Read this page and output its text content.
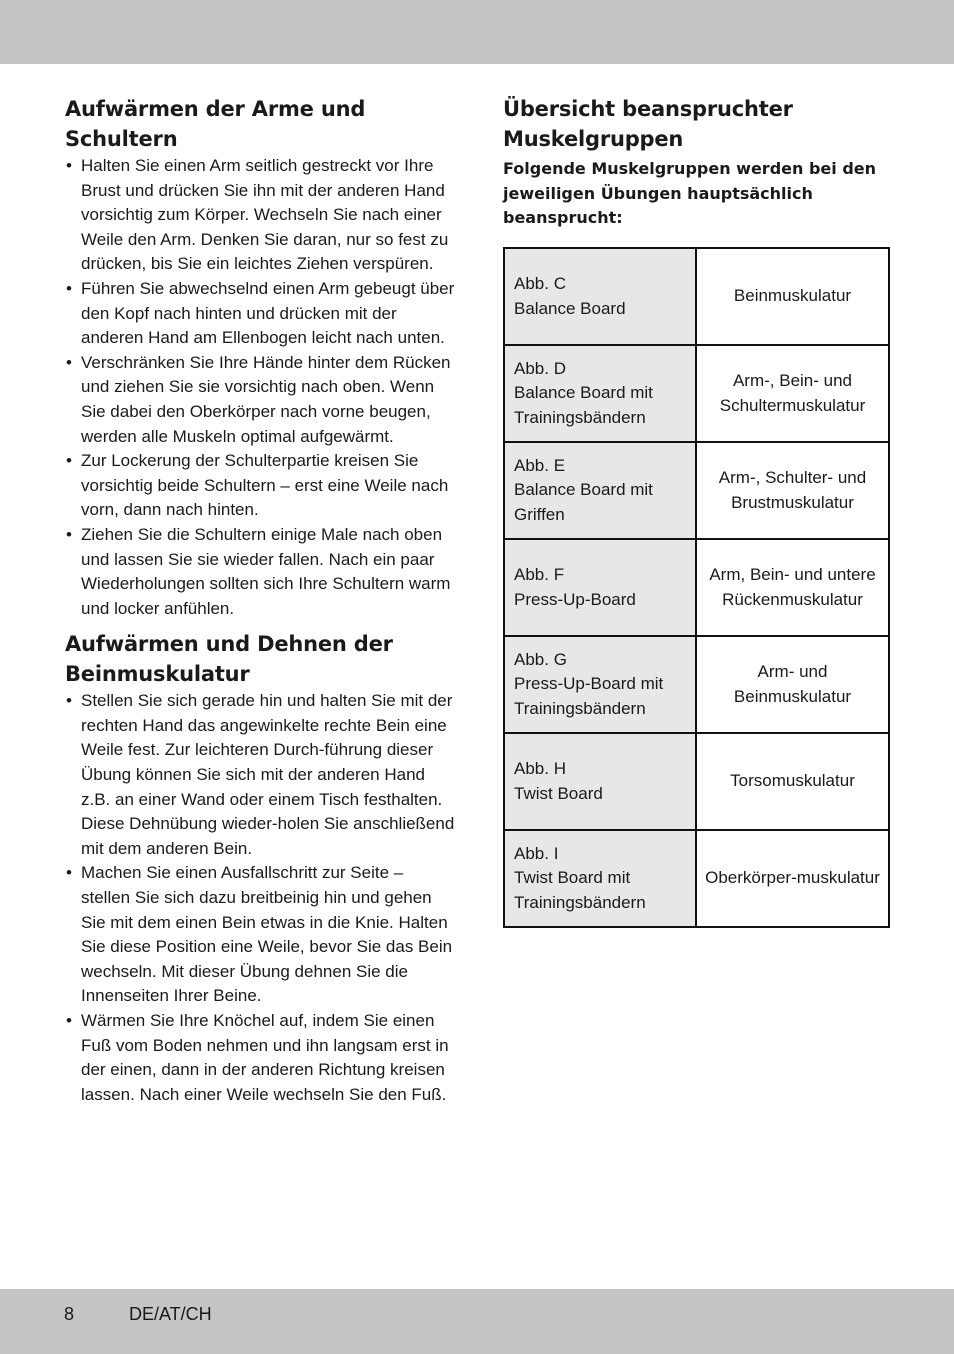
Aufwärmen der Arme und Schultern
• Halten Sie einen Arm seitlich gestreckt vor Ihre Brust und drücken Sie ihn mit der anderen Hand vorsichtig zum Körper. Wechseln Sie nach einer Weile den Arm. Denken Sie daran, nur so fest zu drücken, bis Sie ein leichtes Ziehen verspüren.
• Führen Sie abwechselnd einen Arm gebeugt über den Kopf nach hinten und drücken mit der anderen Hand am Ellenbogen leicht nach unten.
• Verschränken Sie Ihre Hände hinter dem Rücken und ziehen Sie sie vorsichtig nach oben. Wenn Sie dabei den Oberkörper nach vorne beugen, werden alle Muskeln optimal aufgewärmt.
• Zur Lockerung der Schulterpartie kreisen Sie vorsichtig beide Schultern – erst eine Weile nach vorn, dann nach hinten.
• Ziehen Sie die Schultern einige Male nach oben und lassen Sie sie wieder fallen. Nach ein paar Wiederholungen sollten sich Ihre Schultern warm und locker anfühlen.
Aufwärmen und Dehnen der Beinmuskulatur
• Stellen Sie sich gerade hin und halten Sie mit der rechten Hand das angewinkelte rechte Bein eine Weile fest. Zur leichteren Durch-führung dieser Übung können Sie sich mit der anderen Hand z.B. an einer Wand oder einem Tisch festhalten. Diese Dehnübung wieder-holen Sie anschließend mit dem anderen Bein.
• Machen Sie einen Ausfallschritt zur Seite – stellen Sie sich dazu breitbeinig hin und gehen Sie mit dem einen Bein etwas in die Knie. Halten Sie diese Position eine Weile, bevor Sie das Bein wechseln. Mit dieser Übung dehnen Sie die Innenseiten Ihrer Beine.
• Wärmen Sie Ihre Knöchel auf, indem Sie einen Fuß vom Boden nehmen und ihn langsam erst in der einen, dann in der anderen Richtung kreisen lassen. Nach einer Weile wechseln Sie den Fuß.
Übersicht beanspruchter Muskelgruppen

Folgende Muskelgruppen werden bei den jeweiligen Übungen hauptsächlich beansprucht:

Abb. C
Balance Board	Beinmuskulatur

Abb. D
Balance Board mit Trainingsbändern	Arm-, Bein- und Schultermuskulatur

Abb. E
Balance Board mit Griffen	Arm-, Schulter- und Brustmuskulatur

Abb. F
Press-Up-Board	Arm, Bein- und untere Rückenmuskulatur

Abb. G
Press-Up-Board mit Trainingsbändern	Arm- und Beinmuskulatur

Abb. H
Twist Board	Torsomuskulatur

Abb. I
Twist Board mit Trainingsbändern	Oberkörper-muskulatur
8	DE/AT/CH
